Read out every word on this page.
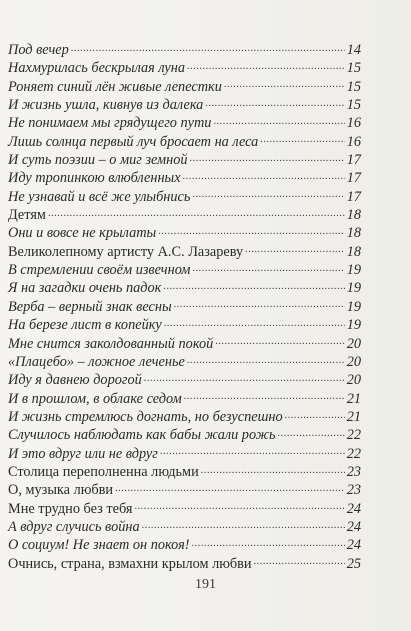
Под вечер .....	14
Нахмурилась бескрылая луна .....	15
Роняет синий лён живые лепестки .....	15
И жизнь ушла, кивнув из далека .....	15
Не понимаем мы грядущего пути .....	16
Лишь солнца первый луч бросает на леса .....	16
И суть поэзии – о миг земной .....	17
Иду тропинкою влюбленных .....	17
Не узнавай и всё же улыбнись .....	17
Детям .....	18
Они и вовсе не крылаты .....	18
Великолепному артисту А.С. Лазареву .....	18
В стремлении своём извечном .....	19
Я на загадки очень падок .....	19
Верба – верный знак весны .....	19
На березе лист в копейку .....	19
Мне снится заколдованный покой .....	20
«Плацебо» – ложное леченье .....	20
Иду я давнею дорогой .....	20
И в прошлом, в облаке седом .....	21
И жизнь стремлюсь догнать, но безуспешно .....	21
Случилось наблюдать как бабы жали рожь .....	22
И это вдруг или не вдруг .....	22
Столица переполненна людьми .....	23
О, музыка любви .....	23
Мне трудно без тебя .....	24
А вдруг случись война .....	24
О социум! Не знает он покоя! .....	24
Очнись, страна, взмахни крылом любви .....	25
191
